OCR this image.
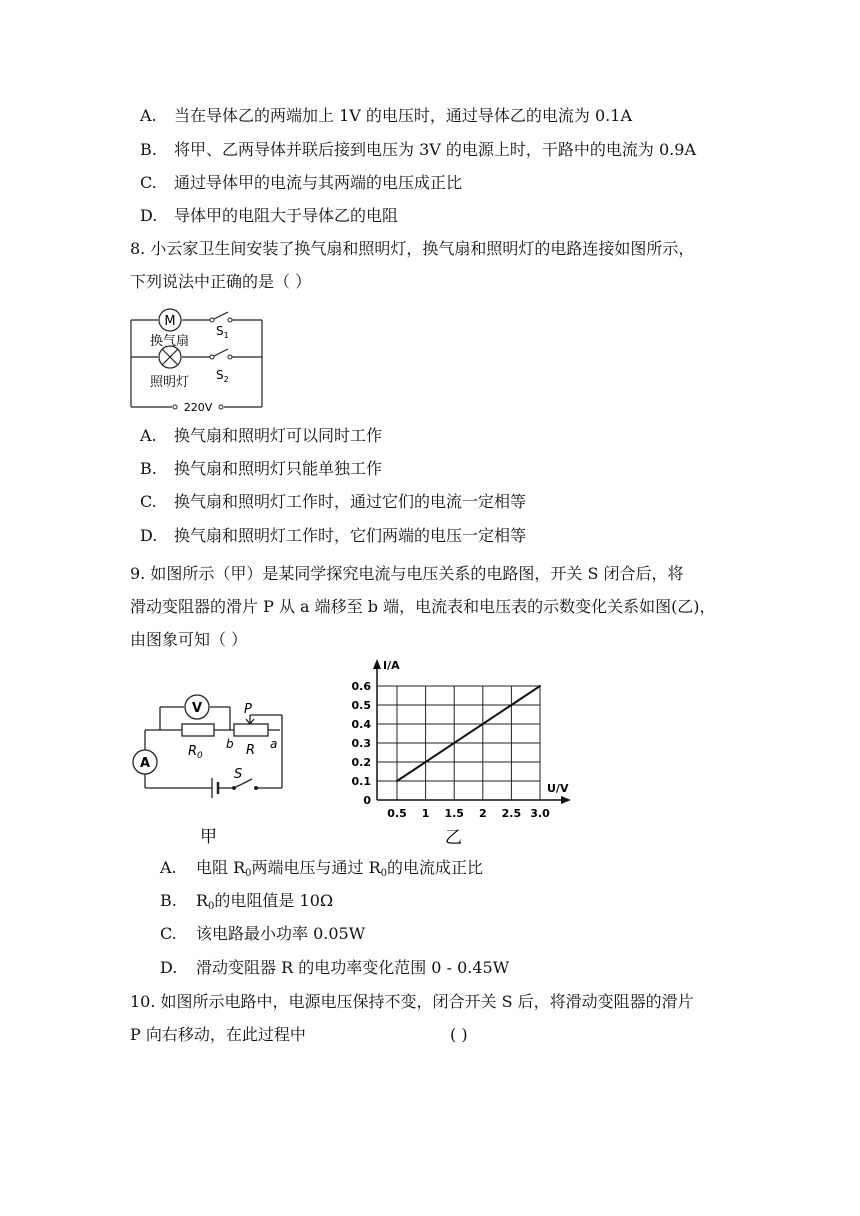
A. 当在导体乙的两端加上 1V 的电压时，通过导体乙的电流为 0.1A
B. 将甲、乙两导体并联后接到电压为 3V 的电源上时，干路中的电流为 0.9A
C. 通过导体甲的电流与其两端的电压成正比
D. 导体甲的电阻大于导体乙的电阻
8. 小云家卫生间安装了换气扇和照明灯，换气扇和照明灯的电路连接如图所示，
下列说法中正确的是（ ）
M
换气扇
照明灯
$S_1$
$S_2$
220V
A. 换气扇和照明灯可以同时工作
B. 换气扇和照明灯只能单独工作
C. 换气扇和照明灯工作时，通过它们的电流一定相等
D. 换气扇和照明灯工作时，它们两端的电压一定相等
9. 如图所示（甲）是某同学探究电流与电压关系的电路图，开关 S 闭合后，将
滑动变阻器的滑片 P 从 a 端移至 b 端，电流表和电压表的示数变化关系如图(乙)，
由图象可知（ ）
V
A
$R_0$	R
P
b	a
S
甲
0
0.1
0.2
0.3
0.4
0.5
0.6
0.5 1 1.5 2 2.5 3.0
I/A
U/V
乙
A. 电阻 $R_0$两端电压与通过 $R_0$的电流成正比
B. $R_0$的电阻值是 10Ω
C. 该电路最小功率 0.05W
D. 滑动变阻器 R 的电功率变化范围 0 - 0.45W
10. 如图所示电路中，电源电压保持不变，闭合开关 S 后，将滑动变阻器的滑片
P 向右移动，在此过程中	( )
